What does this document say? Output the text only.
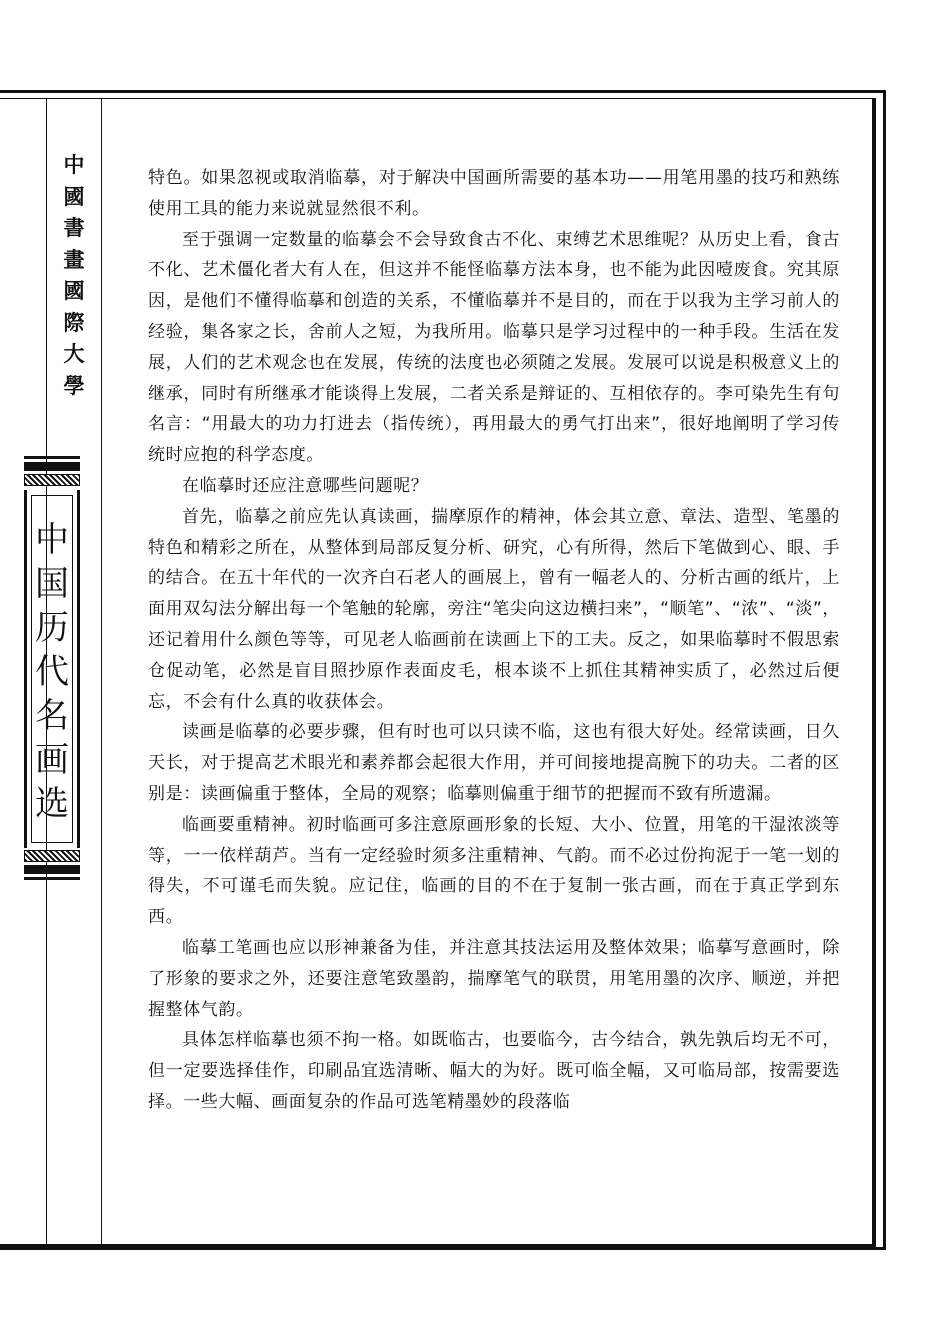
中
國
書
畫
國
際
大
學
中
国
历
代
名
画
选

特色。如果忽视或取消临摹，对于解决中国画所需要的基本功——用笔用墨的技巧和熟练使用工具的能力来说就显然很不利。

至于强调一定数量的临摹会不会导致食古不化、束缚艺术思维呢？从历史上看，食古不化、艺术僵化者大有人在，但这并不能怪临摹方法本身，也不能为此因噎废食。究其原因，是他们不懂得临摹和创造的关系，不懂临摹并不是目的，而在于以我为主学习前人的经验，集各家之长，舍前人之短，为我所用。临摹只是学习过程中的一种手段。生活在发展，人们的艺术观念也在发展，传统的法度也必须随之发展。发展可以说是积极意义上的继承，同时有所继承才能谈得上发展，二者关系是辩证的、互相依存的。李可染先生有句名言：“用最大的功力打进去（指传统），再用最大的勇气打出来”，很好地阐明了学习传统时应抱的科学态度。

在临摹时还应注意哪些问题呢？

首先，临摹之前应先认真读画，揣摩原作的精神，体会其立意、章法、造型、笔墨的特色和精彩之所在，从整体到局部反复分析、研究，心有所得，然后下笔做到心、眼、手的结合。在五十年代的一次齐白石老人的画展上，曾有一幅老人的、分析古画的纸片，上面用双勾法分解出每一个笔触的轮廓，旁注“笔尖向这边横扫来”，“顺笔”、“浓”、“淡”，还记着用什么颜色等等，可见老人临画前在读画上下的工夫。反之，如果临摹时不假思索仓促动笔，必然是盲目照抄原作表面皮毛，根本谈不上抓住其精神实质了，必然过后便忘，不会有什么真的收获体会。

读画是临摹的必要步骤，但有时也可以只读不临，这也有很大好处。经常读画，日久天长，对于提高艺术眼光和素养都会起很大作用，并可间接地提高腕下的功夫。二者的区别是：读画偏重于整体，全局的观察；临摹则偏重于细节的把握而不致有所遗漏。

临画要重精神。初时临画可多注意原画形象的长短、大小、位置，用笔的干湿浓淡等等，一一依样葫芦。当有一定经验时须多注重精神、气韵。而不必过份拘泥于一笔一划的得失，不可谨毛而失貌。应记住，临画的目的不在于复制一张古画，而在于真正学到东西。

临摹工笔画也应以形神兼备为佳，并注意其技法运用及整体效果；临摹写意画时，除了形象的要求之外，还要注意笔致墨韵，揣摩笔气的联贯，用笔用墨的次序、顺逆，并把握整体气韵。

具体怎样临摹也须不拘一格。如既临古，也要临今，古今结合，孰先孰后均无不可，但一定要选择佳作，印刷品宜选清晰、幅大的为好。既可临全幅，又可临局部，按需要选择。一些大幅、画面复杂的作品可选笔精墨妙的段落临
